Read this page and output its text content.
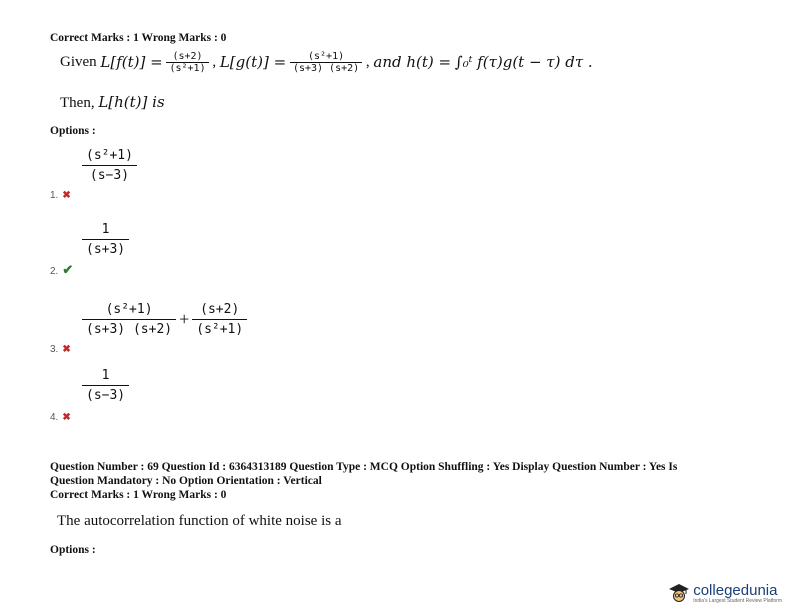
Correct Marks : 1 Wrong Marks : 0
Given
L[f(t)] =
$\frac{(s+2)}{\text{(s²+1)}}$ , L[g(t)] =
$\frac{\text{(s²+1)}}{(s+3) (s+2)}$ , and h(t) =
∫₀ᵗ f(τ)g(t − τ) dτ .
Then, L[h(t)] is
Options :
(s²+1)
(s−3)
1. ✖
1
(s+3)
2. ✔
$\frac{\text{(s²+1)}}{(s+3) (s+2)} + \frac{(s+2)}{\text{(s²+1)}}$
3. ✖
1
(s−3)
4. ✖
Question Number : 69 Question Id : 6364313189 Question Type : MCQ Option Shuffling : Yes Display Question Number : Yes Is
Question Mandatory : No Option Orientation : Vertical
Correct Marks : 1 Wrong Marks : 0
The autocorrelation function of white noise is a
Options :
collegedunia
India's Largest Student Review Platform
